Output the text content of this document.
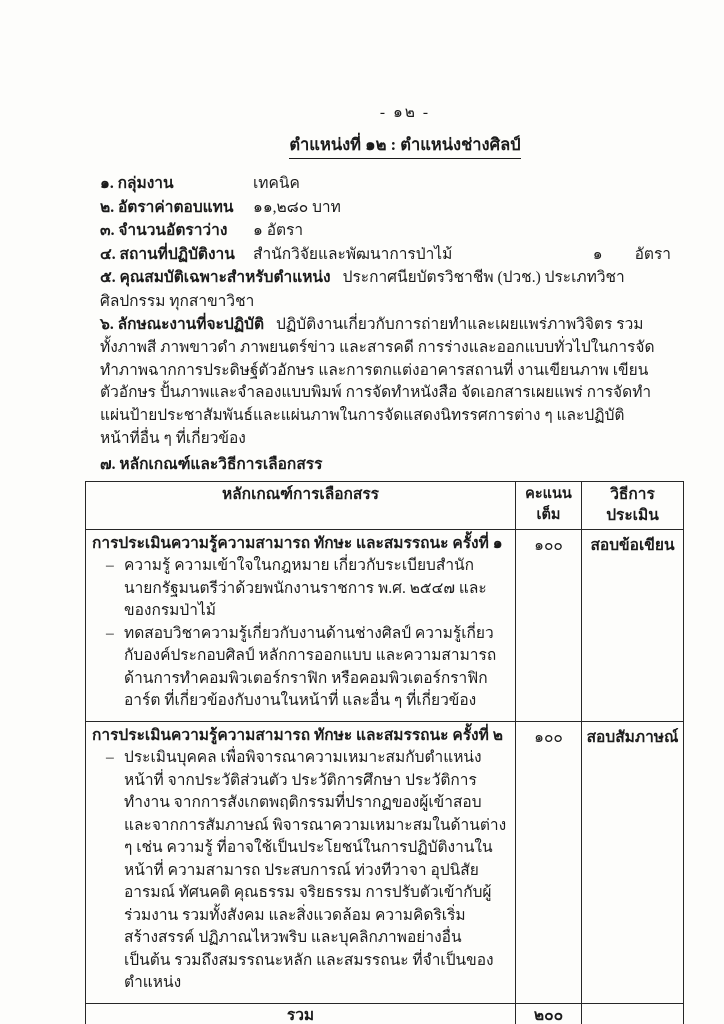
- ๑๒ -
ตำแหน่งที่ ๑๒ : ตำแหน่งช่างศิลป์
๑. กลุ่มงาน	เทคนิค
๒. อัตราค่าตอบแทน	๑๑,๒๘๐ บาท
๓. จำนวนอัตราว่าง	๑ อัตรา
๔. สถานที่ปฏิบัติงาน	สำนักวิจัยและพัฒนาการป่าไม้	๑ อัตรา
๕. คุณสมบัติเฉพาะสำหรับตำแหน่ง ประกาศนียบัตรวิชาชีพ (ปวช.) ประเภทวิชาศิลปกรรม ทุกสาขาวิชา
๖. ลักษณะงานที่จะปฏิบัติ ปฏิบัติงานเกี่ยวกับการถ่ายทำและเผยแพร่ภาพวิจิตร รวมทั้งภาพสี ภาพขาวดำ ภาพยนตร์ข่าว และสารคดี การร่างและออกแบบทั่วไปในการจัดทำภาพฉากการประดิษฐ์ตัวอักษร และการตกแต่งอาคารสถานที่ งานเขียนภาพ เขียนตัวอักษร ปั้นภาพและจำลองแบบพิมพ์ การจัดทำหนังสือ จัดเอกสารเผยแพร่ การจัดทำแผ่นป้ายประชาสัมพันธ์และแผ่นภาพในการจัดแสดงนิทรรศการต่าง ๆ และปฏิบัติหน้าที่อื่น ๆ ที่เกี่ยวข้อง
๗. หลักเกณฑ์และวิธีการเลือกสรร
หลักเกณฑ์การเลือกสรร	คะแนนเต็ม	วิธีการประเมิน

การประเมินความรู้ความสามารถ ทักษะ และสมรรถนะ ครั้งที่ ๑
– ความรู้ ความเข้าใจในกฎหมาย เกี่ยวกับระเบียบสำนักนายกรัฐมนตรีว่าด้วยพนักงานราชการ พ.ศ. ๒๕๔๗ และของกรมป่าไม้
– ทดสอบวิชาความรู้เกี่ยวกับงานด้านช่างศิลป์ ความรู้เกี่ยวกับองค์ประกอบศิลป์ หลักการออกแบบ และความสามารถด้านการทำคอมพิวเตอร์กราฟิก หรือคอมพิวเตอร์กราฟิกอาร์ต ที่เกี่ยวข้องกับงานในหน้าที่ และอื่น ๆ ที่เกี่ยวข้อง	๑๐๐	สอบข้อเขียน

การประเมินความรู้ความสามารถ ทักษะ และสมรรถนะ ครั้งที่ ๒
– ประเมินบุคคล เพื่อพิจารณาความเหมาะสมกับตำแหน่งหน้าที่ จากประวัติส่วนตัว ประวัติการศึกษา ประวัติการทำงาน จากการสังเกตพฤติกรรมที่ปรากฏของผู้เข้าสอบและจากการสัมภาษณ์ พิจารณาความเหมาะสมในด้านต่าง ๆ เช่น ความรู้ ที่อาจใช้เป็นประโยชน์ในการปฏิบัติงานในหน้าที่ ความสามารถ ประสบการณ์ ท่วงทีวาจา อุปนิสัย อารมณ์ ทัศนคติ คุณธรรม จริยธรรม การปรับตัวเข้ากับผู้ร่วมงาน รวมทั้งสังคม และสิ่งแวดล้อม ความคิดริเริ่มสร้างสรรค์ ปฏิภาณไหวพริบ และบุคลิกภาพอย่างอื่น เป็นต้น รวมถึงสมรรถนะหลัก และสมรรถนะ ที่จำเป็นของตำแหน่ง	๑๐๐	สอบสัมภาษณ์
รวม	๒๐๐	
